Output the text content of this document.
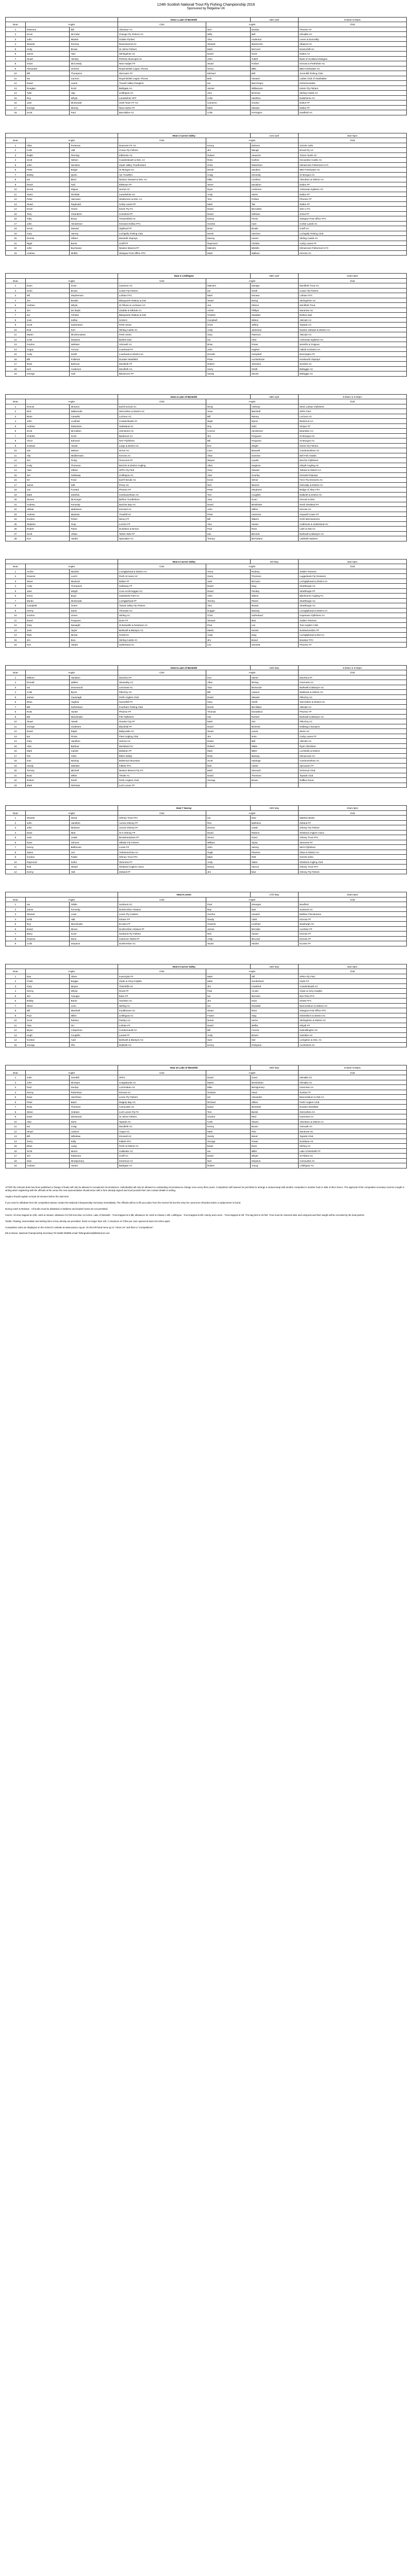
124th Scottish National Trout Fly Fishing Championship 2016

Sponsored by Ridgeline UK

			Heat 1 Lake of Menteith		16th April	8:30am-5:00pm
Boat	Angler		Club	Angler		Club
1	Paterson	Bill	Aberdour AA	Neil	Dunbar	Phoenix FF
2	Kevin	McCabe	Change Fly Fishers AC	Willy	Bell	Kilmallie AC
3	John	Mackie	Golden Pyrites	Alex	Anderson	Leven & Dunrulthy
4	Stewart	Rooney	Ravenswood AC	Stewart	Mackenzie	Ullapool AC
5	Andy	Brown	St Johns Fishers	Mark	McCourt	Newtonhill AC
6	Jamie	Hart	Stirlingshire AC	David	Scott	Dalton AA
7	Stuart	Hendry	Perforto Municipal AC	John	Tuttell	Bank of Scotland Glasgow
8	Grant	McCreedy	New Hadjeri FF	Stuart	Forbes	Kinross & Perthshire AC
9	Alexander	Greend	Royal British Legion Thurso	Henry	Mills	IBM Freshwater AC
10	Bill	Thompson	Glencairn FF	Michael	Bell	Greenhill Fishing Club
11	Ian	Cannon	Royal British Legion Thurso	Bob	Howard	Ladies Club of Strathallan
12	David	Laurie	Trowell Valley Ranglers	Ian	MacGregor	Kinlochmoidart
13	Douglas	Scott	Bathgate AA	James	Williamson	Kelvin Fly Fishers
14	Tyler	Hay	Linlithgow AC	Alex	McGraw	Stirling Castle AC
15	Roy	Whyte	Lanarkshire SFF	Colin	Hamilton	Dalwhinnie AC
16	Jack	McDonald	SSW Team FF AC	Cameron	Gordon	Dalton FF
17	George	Murray	New Heyho FF	Mark	Stewart	Dalton FF
18	Scott	Paul	Barcaldine AC	Colin	Ferrington	Eastfield AA
			Heat 2 Carron Valley		21st April	8am-5pm
Boat	Angler		Club	Angler		Club
1	Allan	Porteous	Dunmore FF AC	Kenny	Dickens	Grizzle Celts
2	Colin	Hall	Crown Fly Fishers	Jim	Waugh	Broad Fly AC
3	Ralph	Fleming	Kilbrinnie AC	Robert	Heavens	Tinzen North AC
4	Scott	Nelson	Cowdenbeath & Dist. AA	Ross	Guthrie	Kincardine Castle AC
5	John	Nicolson	Clyde Valley Trouthunters	Chris	Robertson	Kilmarnock Fishermen's FC
6	Peter	Bolger	St Mungos AC	Derek	Sanders	IBM Freshwater AC
7	Bobby	Quinn	Ayr Troutfly's	Craig	Kennedy	St Mungos AC
8	Ian	Blunt	Newton Stewart & Dist. AA	Mike	Cordiner	Aberdeen & District AA
9	David	Gall	Ellistown FF	Steve	Davidson	Dalton FF
10	Derek	Kilgour	Herriot AC	Ryan	Anderson	Ardrossan Eglinton AC
11	Owen	Fitchilas	Lanarkshire AC	Andy	Harris	Dalton FF
12	Peter	Harrower	Strathmore & Dist. AA	Tom	Forbes	Phoenix FF
13	Stuart	Raybould	Carby Lanes FF	Mark	Tait	Dalton FF
14	Kevin	Green	Kelvin Fly FC	David	McCallion	Glen 2 FC
15	Tony	Chambers	Crossford FF	David	Kirkham	Grizel FF
16	Toby	Bracy	Trossenfield AC	Danny	Purvis	Glasgow Post Office FFC
17	John	Henderson	Kinnaird Hollow FFC	Gordon	Cant	Corbie Lairds AC
18	Kevin	Stewart	Highland FF	Brian	Brodie	Crieff AA
19	Gary	Harvey	Lochgelly Fishing Club	Derek	Harrison	Lochgelly Fishing Club
20	Ronnie	Gilbert	Monteith Osprays	Murray	Hunter	Stirling Castle AC
21	Nigel	Burns	Crieff FF	Raymond	Christie	Carby Lanes FF
22	John	Buchanan	Newton Mearns FF	Malcolm	Melville	Kilmarnock Fishermen's FC
23	Andrew	Moffat	Glasgow Post Office FFC	Mark	Wallace	Kinross AC
			Heat 3 Linlithgow		26th April	10am-5pm
Boat	Angler		Club	Angler		Club
1	Euan	Scott	Cameron AC	Malcolm	Savage	Monifieth Trout AC
2	Chris	Brown	Cowie Fly Fishers	Ian	Smith	Cowie Fly Fishers
3	Wil	Stephenson	Lothian FFC	Mark	Kinnear	Lothian FFC
4	Jim	Beadie	Blairgowrie Rattray & Dist	Stuart	Ewing	Stirlingshire AC
5	Andrew	Whyte	St Fillans & Lochearn AC	Joe	Gibson	Monifieth Trout
6	Jim	De Boyle	Claddie & Kilbride AA	Azimir	Phillips	Montrose AC
7	Ian	Christie	Blairgowrie Rattray & Dist	Charles	Stoddart	Bothes Dad
8	Jock	Kelfas	SAMAC	Campbell	Wilson	ABC&D AC
9	Scott	Sutherland	Perth SSSC	Chris	Jaffrey	Tayside AC
10	Rob	Kerr	Stirling Castle AC	Andy	Jamieson	Newton Stewart & District AA
11	Martin	McGlennahan	Perth SSSC	Gary	Paterson	ABC&D AC
12	Colin	Simpson	Bothes Dad	Ian	Hind	Ardrossan Eglinton AC
13	Gordon	Webster	Arbroath AA	Brian	Fraser	Nevisfin & Ovignus
14	Angus	Armour	Loanhead FF	John	Hughes	Falkirk & District AA
15	Andy	Smith	Loanhead & District AC	Donald	Campbell	Bonnington FF
16	Bill	Fullerton	Dundee Westfield	Peter	Auchterlonie	Kenilworth Osprays
17	Ross	Bethune	Monifieth FF	Robert	Johnston	Nevisfin AC
18	Neil	Anderson	Monifieth AC	Garry	Smith	Balloggie AC
19	George	Gall	Blackmore FF	Sandy	Steven	Balloggie AC
			Heat 4 Lake of Menteith		29th April	8:30am to 5:00pm
Boat	Angler		Club	Angler		Club
1	Ronnie	McKeen	Earl'll School AC	Ricky	Anthony	West Lothian Flyfishers
2	Dick	Wallwoods	Glenrothes & District AC	Sean	Marshall	SPPA Fled
3	Brian	Cassells	Lochore AC	Bill	Rainey	Lochore AC
4	John	Lockhart	Cowdenbeath AC	Nigel	Dyson	Bankmuir AA
5	Andrew	Robertson	Halesland AC	Roy	Kidd	Kintyre FF
6	Scott	McCallion	Johnstone AC	Connor	Henderson	Bearsden AA
7	Charles	Scott	Bankmuir AA	Jim	Ferguson	St Mungos AC
8	Vince	Edmond	NAF Flyfishers	Bill	Ferguson	St Mungos AC
9	Graham	Hewitt	Largs & District AC	Eric	Wright	Kelvin Fly Fishers
10	Iain	Watson	Grove AC	Liam	Maxwell	Cambusnethan AC
11	Ally	Middlemass	Kinross AC	Allan	Gammie	Bell Fish Hawks
12	Jim	Finlay	Greenock FF	Wayne	Lauder	Brechin Flyfishers
13	Andy	Thomson	Brechin & District Angling	Allan	Sargison	Kilsyth Angling AC
14	Alan	Gilbert	SPPA Fly Fled	Gary	Stewart	Tarland & District AA
15	Jim	Galloway	Linlithgow AC	Alan	Gourlay	Kinnaird Osprays
16	Gil	Fond	Earl'll Strode AC	Kevin	Gilmie	Fenn Fly Dressers AC
17	Jamie	Stitt	Priory AC	Neil	Mearns	Kirkcaldy & District AA
18	Joe	Fursted	Phoenix FF	Peter	Shepherd	Bridge of Allan FFA
19	Mark	Dolehan	Cambusnethan AC	Tom	Coughlin	Dalkeith & District AC
20	Steven	McGregor	Belfron Troutfishers	Alan	Gunn	Kinross & Dist
21	Andrew	Kennedy	Butcher Bay AC	David	McWhirter	North Shetland FF
22	Alistair	Mathieson	Kinnaird AC	John	Gillies	Kinross AC
23	Andrew	Maclean	Trouthill AC	Peter	Cameron	Heywell Crown FF
24	Gordon	Fisher	Wemy FF	Bill	Waters	Ochil Mechansmen
25	Stephen	Gray	Lochrin FF	Alex	Hunter	Caithness & Sutherland AC
26	Robert	Paton	Dunblane & Brown	Paul	Ross	Leith & Dist AC
27	Scott	Urban	Tarbet Tarle FF	Iain	Bennett	Bothwell & Blantyre AC
28	Ken	Hardie	Spinnaker AC	Tommy	McFarlane	Larkhall Hawkers
			Heat 5 Carron Valley		3rd May	8am-5pm
Boat	Angler		Club	Angler		Club
1	Archie	Macklin	Lochgilphead & District AA	Gerry	Rodney	Soldier Partners
2	Graeme	Lunch	Perth St Ivans AC	Garry	Thomson	Luggiebank Fly Dressers
3	Steve	Macleod	Dalton FF	Jack	McCann	Lochgilphead & District AA
4	Andy	Thompson	Galloway FF	David	Doig	Strathbogie AC
5	Jane	Wright	Cove & Kilcreggan AC	David	Pandey	Strathbogie FF
6	Gerry	Boyd	Galashiels Park AC	John	Wilson	Blackhorse Angling FC
7	Murdo	McDonald	Lochgilphead FF	Tommy	Peters	Strathbogie AC
8	Campbell	Green	Tweed Valley Fly Fishers	Alex	Mowat	Strathbogie AC
9	Kenny	Davis	Thenaws AC	Duggie	Mackay	Lochgilphead & District AA
10	Gordon	Green	Stirling AC	Chris	Sutherland	Hopetown Flyfishers AA
11	David	Ferguson	Duns FF	Stewart	Muir	Soldier Partners
12	Gary	Speaight	St Boswells & Newtown AA	Paul	Lee	Tout Anglers Club
13	Jack	Taylor	Bothwell & Blantyre AC	Martin	Kerwin	Dunbartonshire FF
14	Mick	Moran	SAMACC	Andy	Doig	Lochgilphead & Dist AA
15	Jim	Bow	Stirling Castle AC	Jim	Brand	Bowstar FFC
16	Ken	Hardie	Sutherland AC	Lee	Simmett	Phoenix FF
			Heat 6 Lake of Menteith		10th May	8:30am to 5:00pm
Boat	Angler		Club	Angler		Club
1	William	Hamilton	Moorfoot FF	Ken	Harvie	Moorfoot FF
2	Donald	Walker	Stewartby AC	Allan	McKay	Inverness AA
3	Ian	Drummond	Leet East AC	Alan	McKenzie	Bothwell & Blantyre AC
4	Colin	Byrne	Pitlochry AC	Bill	Lawson	Wallmark & District AC
5	James	Cavanagh	Perth Anglers Club	David	Stewart	Pitlochry AC
6	Brian	Hughes	Garnethill FF	Gary	Smith	Glenrothes & District AC
7	Bill	Sutherland	Inverbarn Fishing Club	Derek	McAllister	ABC&D AC
8	Ross	Hunter	Phoenix FF	Thomas	Donaldson	Phoenix FF
9	Bill	Macdonald	Fife Flyfishers	Iain	Russell	Bothwell & Blantyre AC
10	Stuart	Hewitt	Granite City FF	Mark	Sim	Pitlochry AC
11	George	Chalmers	Blackhall FF	David	Mclnnes	Dalbeag Champion
12	David	Ralph	Ballycastle AC	Stuart	Laurie	Weirs AC
13	Ian	Finnie	Fleet Angling Club	Jim	Imrie	Carby Lanes FF
14	Gary	Hamilton	Harrow AC	David	Bell	ABC&D AC
15	Alan	Barbour	Monkland AC	Robert	Waite	Ryan Aberdeen
16	Mark	Cairdis	Bellahan FF	Mark	Miller	Lochbella & District
17	Pat	Clinic	Ellers Dolley	Ross	Mackay	Kilmarnock AC
18	Ivan	Mackay	Bollemont Mountain	Scott	Hastings	Cambusnethan AC
19	Sandy	Webster	Falkirk FFC	Bob	Clarke	Sprouston FF
20	Tommy	Mitchell	Newton Mearns Fly FC	Mark	Stronach	Kirriemuir Club
21	Brad	White	Thistle AC	David	Thomson	Tayside Club
22	Robert	Smith	Perth Anglers Club	George	Brown	Raffles Rover
23	Mark	Nicholas	Loch Leven FF			
			Heat 7 Harray		15th May	10am-5pm
Boat	Angler		Club	Angler		Club
1	Stewart	Wood	Orkney Trout FFA	Ian	Dow	Mathew Birdie
2	John	Hamilton	Aurora Orkney FF	Ron	Mathison	Zetland FF
3	John	Muirison	Aurora Orkney FF	Dennis	Leask	Orkney Fly Fishers
4	Dave	Mair	St S Orkney FF	David	Robson	Shetland Anglers Assoc
5	Jack	Leask	Broadmeadows FF	Simon	Grant	Orkney Trout FFA
6	Dave	Gilmour	Hillside Fly Fishers	William	Taylor	Stenness FF
7	Kenny	Bellhouse	Lunan FF	John	Harvey	Wick Flyfishers
8	Jason	Lee	Ardnamurchan AA	Hugh	Pearson	Oban & District AA
9	Gordon	Fairlie	Orkney Trout FFA	Mark	Flett	Grizzle Kelso
10	Raymond	Keilor	Stenness FF	Andy	Slater	Shetland Angling Club
11	Rob	Inkster	Shetland Anglers Assoc	Danny	Harcus	Orkney Trout FFA
12	Kenny	Holt	Zetland FF	Jim	Muir	Orkney Fly Fishers
			Heat 8 Leven		17th May	10am-5pm
Boat	Angler		Club	Angler		Club
1	Ian	Oddie	Sunburst AC	Paul	Donegan	Bradford
2	Jamie	Kennedy	Dunfermline Artisans	Ray	Nutt	Sunburst AC
3	Stewart	Lowe	Leven Fly Casters	Gordon	Howard	Bathlan Piscatorians
4	Keith	Hall	Kintore FF	Sandy	Clark	Kinross FF
5	Roy	Macdonald	Ecosse FF	Graeme	Lockhart	Newburgh AC
6	David	Moore	Dunfermline Artisans FF	James	McCabe	Auchtion FF
7	Barry	Scott	Sunburst Fly Fishers	Neil	Hunter	Kinross FF
8	Graeme	Dunn	Cartmore Tarbet FF	Andy	McLeod	Kinross FF
9	Colin	Simpson	Dunfermline AC	Stuart	Hindrie	Ecosse FF
			Heat 9 Carron Valley		18th May	8am-5pm
Boat	Angler		Club	Angler		Club
1	Dan	Oliver	Inverclyde FF	Mark	Hill	SPRA Fly Fled
2	Frank	Boggie	Clyde & Grey Knights	Mark	Sunderland	Clyde FF
3	Gary	Moyes	Tiveinhills AC	Jim	Crawford	Cowdenbeath AC
4	Kenny	Whyte	Roost FF	Paul	Arnold	Clyde & Grey Knights
5	Jim	Younger	Eden FF	Ian	Menzies	Bon Pitra FFC
6	Bobby	Barrie	Hamilton AC	Jim	Kean	Shotts FFC
7	Steve	Lunn	Stirling AC	Ian	Drysdale	Bannockburn & District AC
8	Bill	Marshall	Fauldhouse AC	Stuart	Ross	Glasgow Post Office FFC
9	Paul	Miller	Linlithgow AC	Fraser	Haig	Kirkintilloch & District AC
10	Scott	Ralston	Paisley AC	Norrie	Heriot	Stirlingshire & District AC
11	Alan	Orr	Lothian FF	David	Moffat	Kilsyth FF
12	Bryan	Colquhoun	Cumbernauld AC	Bill	Connor	Dalmellington AC
13	Hugh	Coughlin	Lanark FF	Andy	Broom	Hamilton AC
14	Gordon	Auld	Bothwell & Blantyre AC	Sam	Keir	Livingston & Dist. AC
15	George	Fife	Dalkeith AC	Kenny	Finlayson	Auchinleck AC
			Heat 10 Lake of Menteith		29th May	8:30am-5:00pm
Boat	Angler		Club	Angler		Club
1	John	Grenfell	SPFC	David	Grant	Kilmallie AC
2	John	McIntyre	Craigielands AC	Martin	McGlashan	Kilmallie AC
3	Paul	Dunlop	Lochmaben AC	Mike	Montgomery	Inverness AA
4	Kenny	Robertson	Kinross AC	Graham	Hood	Dunbar FF
5	Dave	Hutchison	Leven Fly Fishers	Ian	Alexander	Bannockburn & Dist AA
6	Peter	Baird	Dalgety Bay AC	Richard	Gillies	Perth Anglers Club
7	Ross	Thomson	Carnoustie AC	David	McIntosh	Dundee Westfield
8	Steve	Graham	Loch Leven Fly FC	Tom	Banks	Glenrothes AC
9	Dave	Sherwood	St Johns Fishers	Gordon	Reid	Inverness AA
10	Alan	Dunn	Tayside AC	Colin	Shand	Aberdeen & District AA
11	Ian	Craig	Monifieth AC	Kenny	Brown	Arbroath AA
12	Stuart	Lawson	Angus AC	Mark	Pirie	Montrose AC
13	Bill	Whitelaw	Kinnaird AC	Sandy	Wood	Tayside Club
14	Gerry	Kelly	Falkirk FFC	George	Fraser	Dunblane AC
15	Brian	Laing	Perth & District AA	Ewan	Ross	Stirling AC
16	Scott	Munro	Callander AC	Ian	Miller	Lake of Menteith FF
17	Jim	Patterson	Crieff AA	David	Whyte	St Fillans AC
18	Sam	Montgomery	Kirriemuir AC	Neil	Simpson	Carnoustie AC
19	Andrew	Hunter	Bathgate AA	Robert	Young	Linlithgow AC

AFTER the relevant draw has been published a change of boats will only be allowed in exceptional circumstances. Individual(s) will only be allowed on outstanding circumstances change once every three years. Competitors will however be permitted to arrange a mutual swap with another competitor in another heat or date of their choice. The approval of the competition secretary must be sought in writing when registering with the officials at the venue the new representative should arrive with a form already signed and must provide their own contact details in writing.

Anglers should register at least 30 minutes before the start time.

If you need to withdraw from the competition please contact the National Championship Secretary immediately. The officials will try to fill your place from the reserve list but the entry fee cannot be refunded unless a replacement is found.

During Catch & Release - All hooks must be debarbed or barbless and double hooks are not permitted.

Carron: All trout trapped at 12lb, catch & release; allowance for fish less than 12 inches. Lake of Menteith - Trout trapped at 2.5lb; allowance for catch & release 1.5lb. Linlithgow - Trout trapped at 2lb; Harray and Leven - Trout trapped at 1lb. The bag limit is 20 fish. Trout must be returned alive and uninjured and their weight will be recorded by the boat partner.

Tackle: Floating, intermediate and sinking lines of any density are permitted. Rods no longer than 11ft. A maximum of 3 flies per cast, spaced at least 18 inches apart.

Competition rules are displayed on the SANACC website at www.sanacc.org.uk. On the left hand menu go to "About Us" and then to "Competitions".

MS & Moran, National Championship Secretary Tel 01698 260980 email: fishingnational@btinternet.com
